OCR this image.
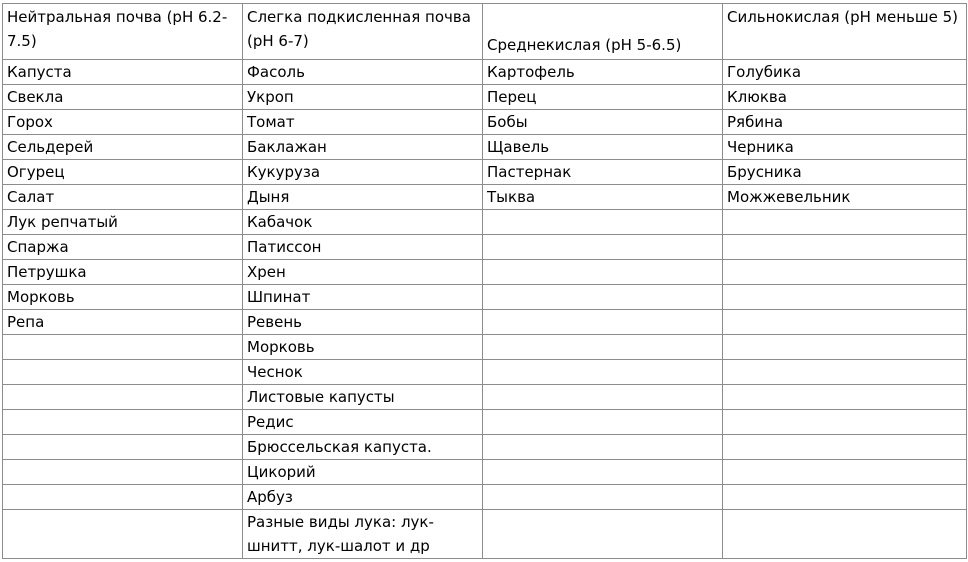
Нейтральная почва (pH 6.2-7.5)	Слегка подкисленная почва (pH 6-7)	Среднекислая (pH 5-6.5)	Сильнокислая (pH меньше 5)
Капуста	Фасоль	Картофель	Голубика
Свекла	Укроп	Перец	Клюква
Горох	Томат	Бобы	Рябина
Сельдерей	Баклажан	Щавель	Черника
Огурец	Кукуруза	Пастернак	Брусника
Салат	Дыня	Тыква	Можжевельник
Лук репчатый	Кабачок		
Спаржа	Патиссон		
Петрушка	Хрен		
Морковь	Шпинат		
Репа	Ревень		
	Морковь		
	Чеснок		
	Листовые капусты		
	Редис		
	Брюссельская капуста.		
	Цикорий		
	Арбуз		
	Разные виды лука: лук-шнитт, лук-шалот и др		
